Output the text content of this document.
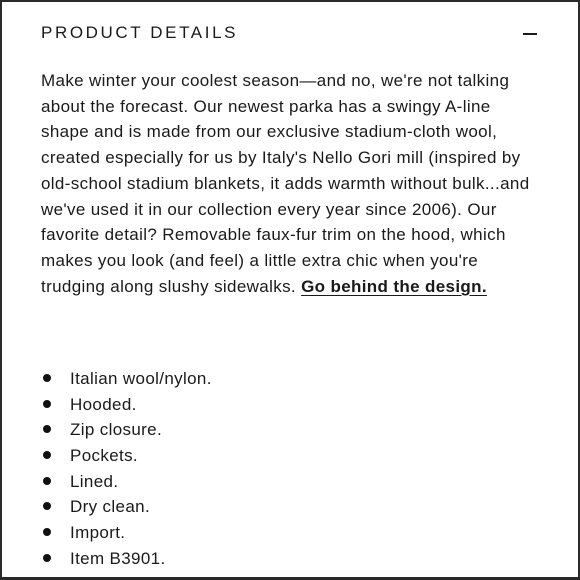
PRODUCT DETAILS

Make winter your coolest season—and no, we're not talking about the forecast. Our newest parka has a swingy A-line shape and is made from our exclusive stadium-cloth wool, created especially for us by Italy's Nello Gori mill (inspired by old-school stadium blankets, it adds warmth without bulk...and we've used it in our collection every year since 2006). Our favorite detail? Removable faux-fur trim on the hood, which makes you look (and feel) a little extra chic when you're trudging along slushy sidewalks. Go behind the design.

Italian wool/nylon.
Hooded.
Zip closure.
Pockets.
Lined.
Dry clean.
Import.
Item B3901.
